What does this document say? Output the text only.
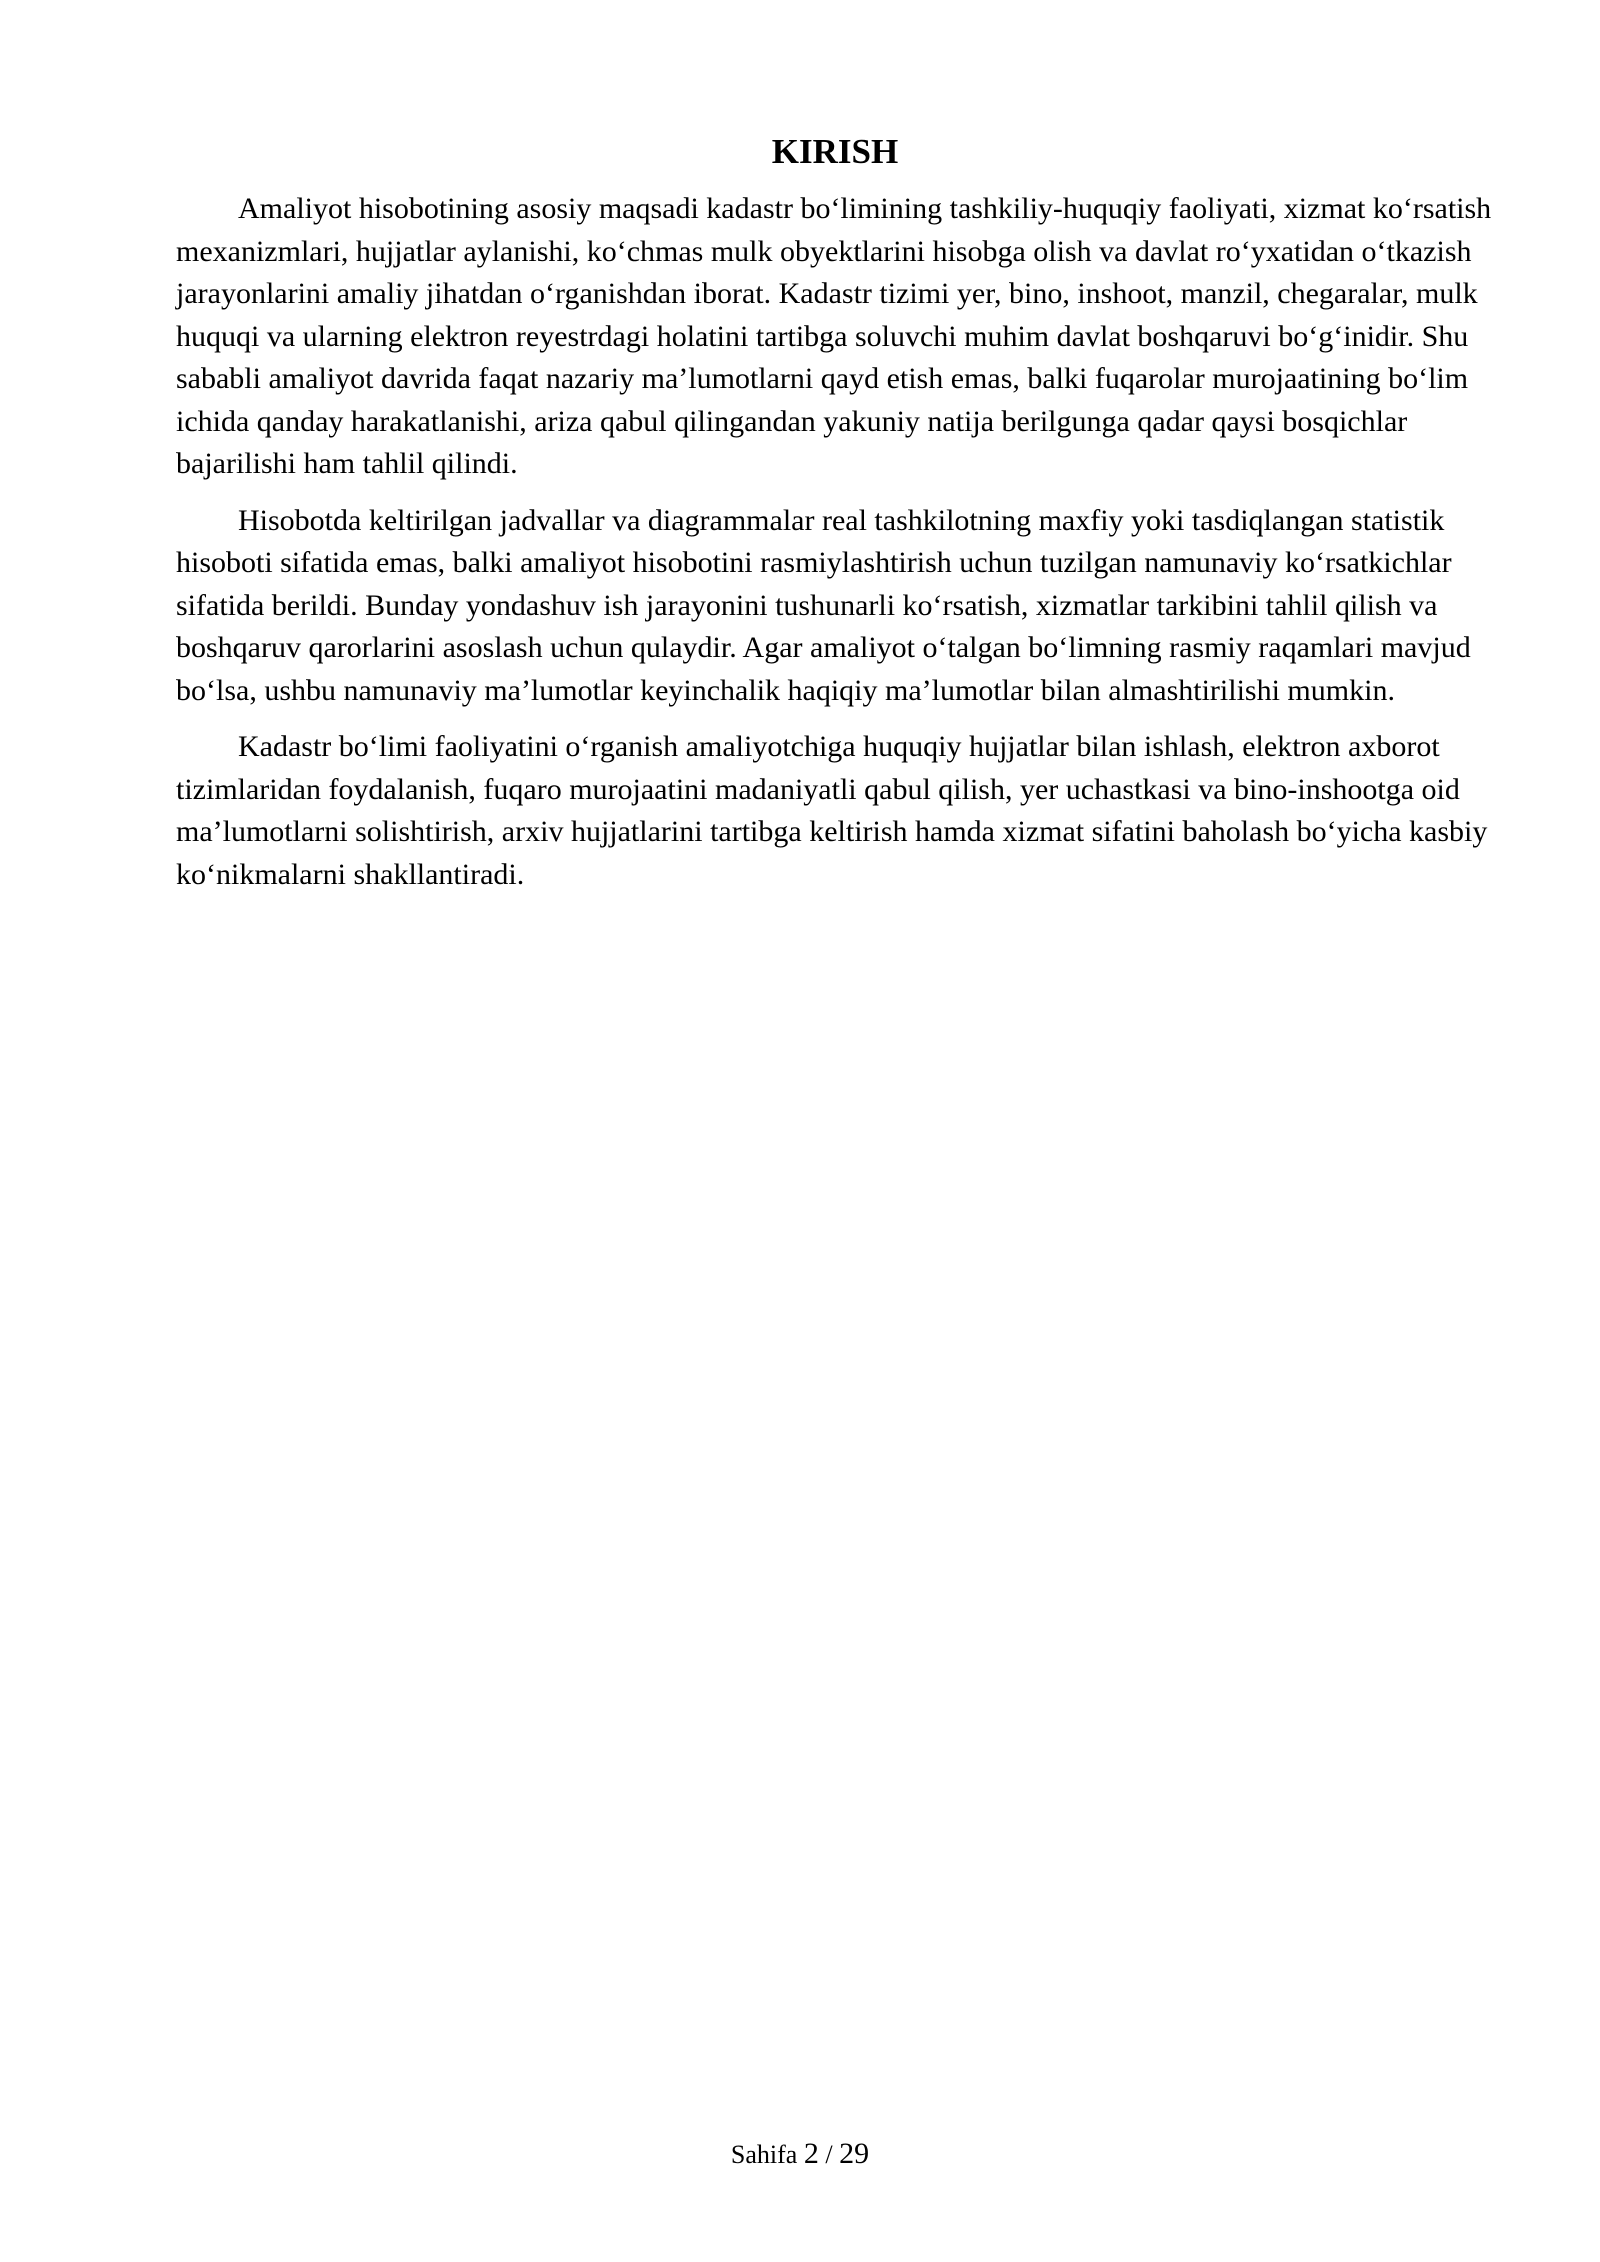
KIRISH

Amaliyot hisobotining asosiy maqsadi kadastr bo‘limining tashkiliy-huquqiy faoliyati, xizmat ko‘rsatish mexanizmlari, hujjatlar aylanishi, ko‘chmas mulk obyektlarini hisobga olish va davlat ro‘yxatidan o‘tkazish jarayonlarini amaliy jihatdan o‘rganishdan iborat. Kadastr tizimi yer, bino, inshoot, manzil, chegaralar, mulk huquqi va ularning elektron reyestrdagi holatini tartibga soluvchi muhim davlat boshqaruvi bo‘g‘inidir. Shu sababli amaliyot davrida faqat nazariy ma’lumotlarni qayd etish emas, balki fuqarolar murojaatining bo‘lim ichida qanday harakatlanishi, ariza qabul qilingandan yakuniy natija berilgunga qadar qaysi bosqichlar bajarilishi ham tahlil qilindi.

Hisobotda keltirilgan jadvallar va diagrammalar real tashkilotning maxfiy yoki tasdiqlangan statistik hisoboti sifatida emas, balki amaliyot hisobotini rasmiylashtirish uchun tuzilgan namunaviy ko‘rsatkichlar sifatida berildi. Bunday yondashuv ish jarayonini tushunarli ko‘rsatish, xizmatlar tarkibini tahlil qilish va boshqaruv qarorlarini asoslash uchun qulaydir. Agar amaliyot o‘talgan bo‘limning rasmiy raqamlari mavjud bo‘lsa, ushbu namunaviy ma’lumotlar keyinchalik haqiqiy ma’lumotlar bilan almashtirilishi mumkin.

Kadastr bo‘limi faoliyatini o‘rganish amaliyotchiga huquqiy hujjatlar bilan ishlash, elektron axborot tizimlaridan foydalanish, fuqaro murojaatini madaniyatli qabul qilish, yer uchastkasi va bino-inshootga oid ma’lumotlarni solishtirish, arxiv hujjatlarini tartibga keltirish hamda xizmat sifatini baholash bo‘yicha kasbiy ko‘nikmalarni shakllantiradi.

Sahifa 2 / 29
